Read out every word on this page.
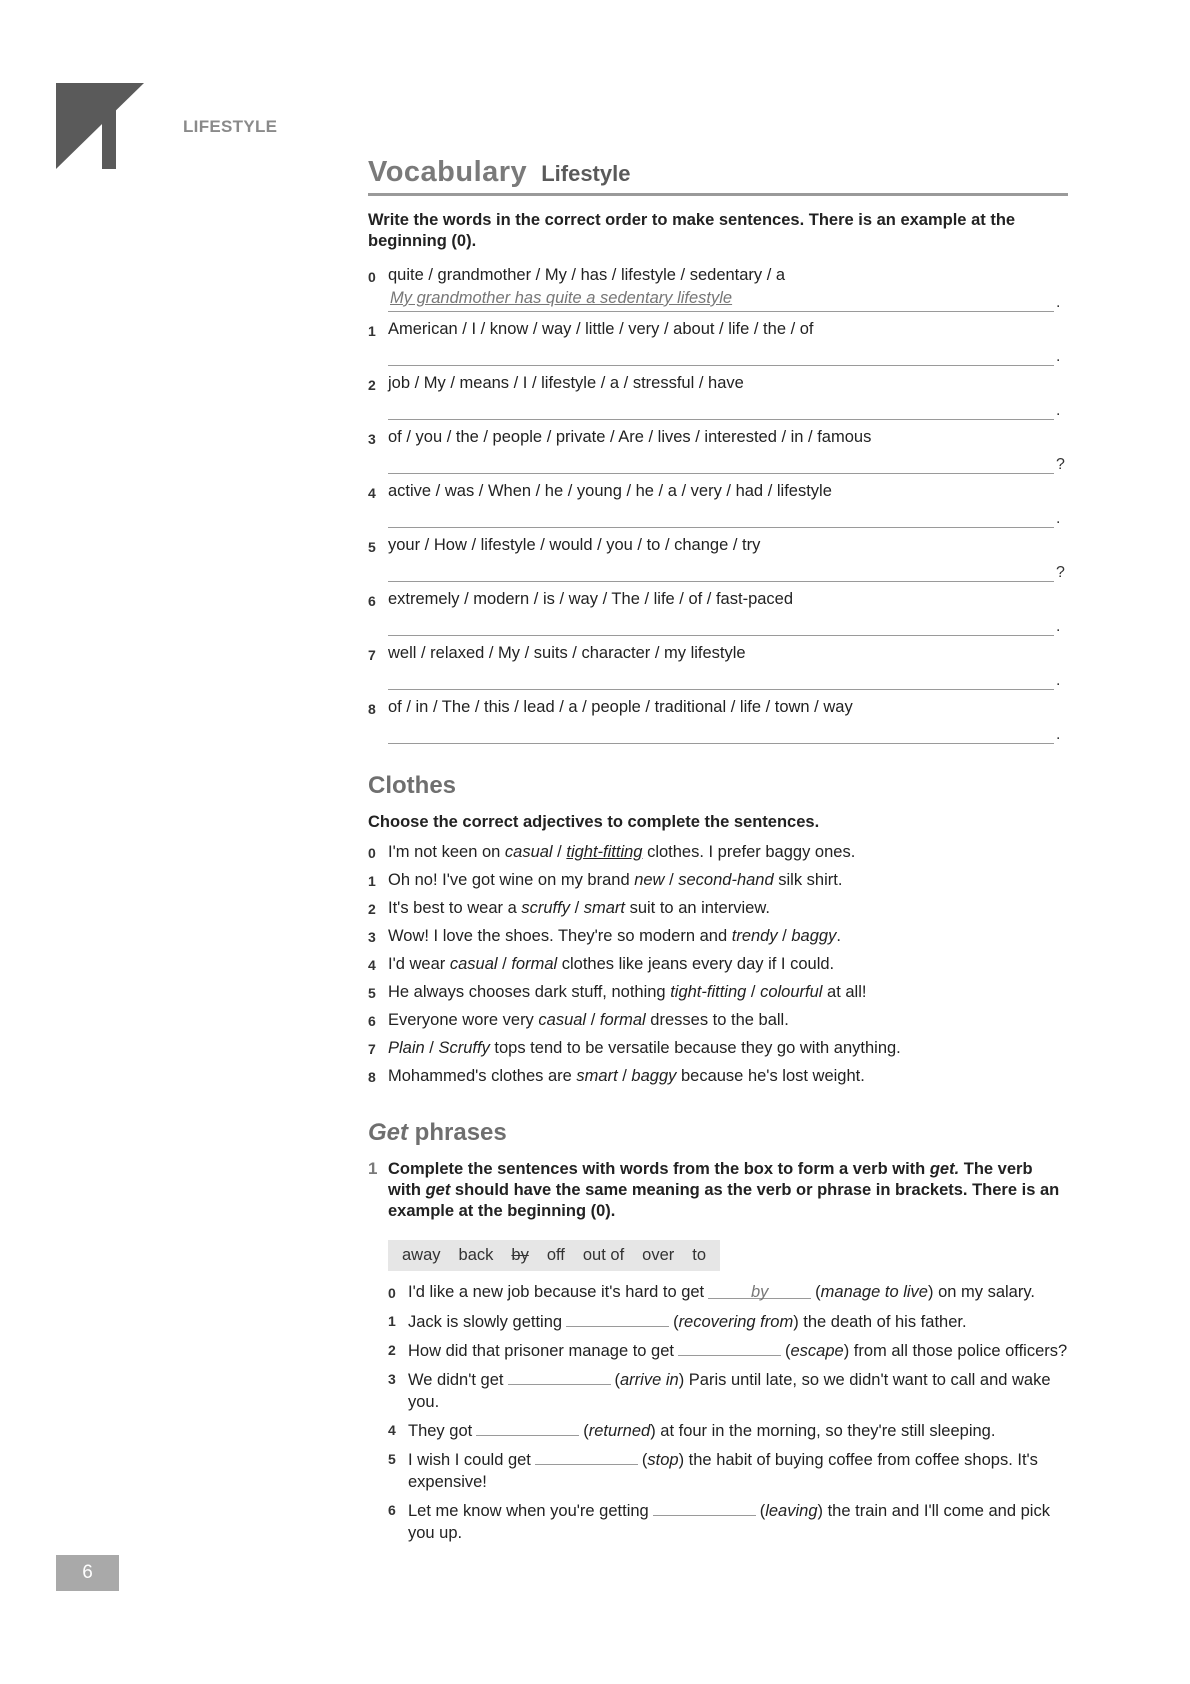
LIFESTYLE
Vocabulary Lifestyle

Write the words in the correct order to make sentences. There is an example at the beginning (0).

0 quite / grandmother / My / has / lifestyle / sedentary / a
My grandmother has quite a sedentary lifestyle	.
1 American / I / know / way / little / very / about / life / the / of
.
2 job / My / means / I / lifestyle / a / stressful / have
.
3 of / you / the / people / private / Are / lives / interested / in / famous
?
4 active / was / When / he / young / he / a / very / had / lifestyle
.
5 your / How / lifestyle / would / you / to / change / try
?
6 extremely / modern / is / way / The / life / of / fast-paced
.
7 well / relaxed / My / suits / character / my lifestyle
.
8 of / in / The / this / lead / a / people / traditional / life / town / way
.
Clothes

Choose the correct adjectives to complete the sentences.

0 I'm not keen on casual / tight-fitting clothes. I prefer baggy ones.
1 Oh no! I've got wine on my brand new / second-hand silk shirt.
2 It's best to wear a scruffy / smart suit to an interview.
3 Wow! I love the shoes. They're so modern and trendy / baggy.
4 I'd wear casual / formal clothes like jeans every day if I could.
5 He always chooses dark stuff, nothing tight-fitting / colourful at all!
6 Everyone wore very casual / formal dresses to the ball.
7 Plain / Scruffy tops tend to be versatile because they go with anything.
8 Mohammed's clothes are smart / baggy because he's lost weight.
Get phrases
1 Complete the sentences with words from the box to form a verb with get. The verb with get should have the same meaning as the verb or phrase in brackets. There is an example at the beginning (0).

away back by off out of over to
0 I'd like a new job because it's hard to get	by	(manage to live) on my salary.
1 Jack is slowly getting	(recovering from) the death of his father.
2 How did that prisoner manage to get	(escape) from all those police officers?
3 We didn't get	(arrive in) Paris until late, so we didn't want to call and wake you.
4 They got	(returned) at four in the morning, so they're still sleeping.
5 I wish I could get	(stop) the habit of buying coffee from coffee shops. It's expensive!
6 Let me know when you're getting	(leaving) the train and I'll come and pick you up.
6
